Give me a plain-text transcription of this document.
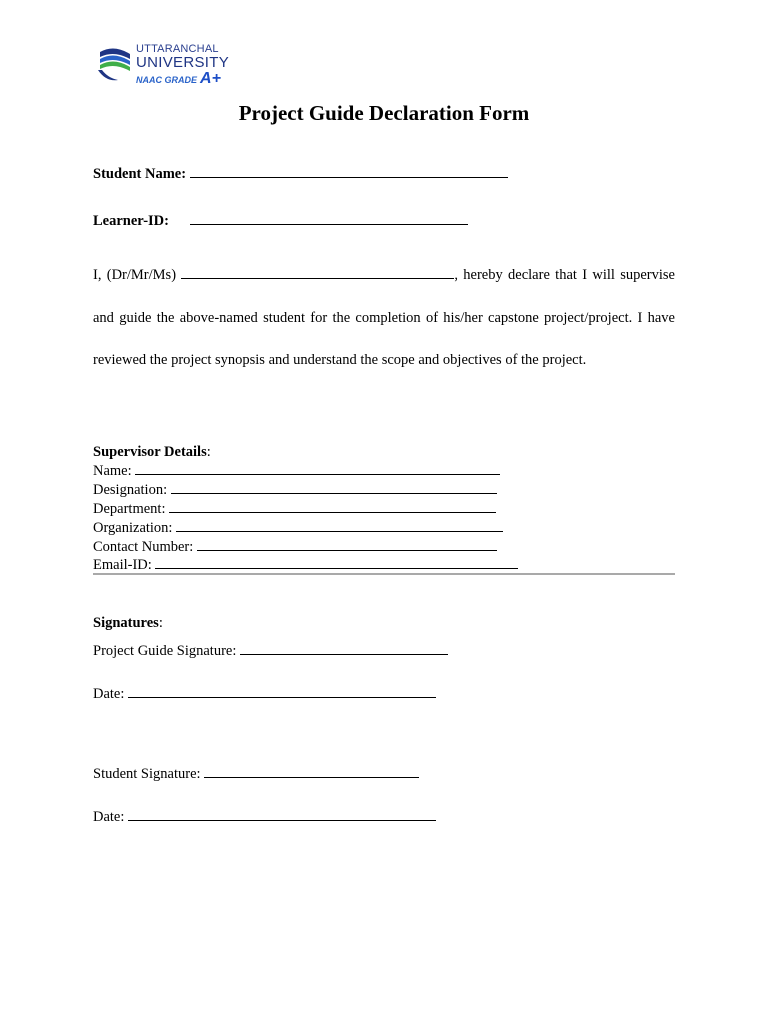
UTTARANCHAL
UNIVERSITY
NAAC GRADE A+
Project Guide Declaration Form
Student Name:
Learner-ID:
I, (Dr/Mr/Ms)	, hereby declare that I will supervise and guide the above-named student for the completion of his/her capstone project/project. I have reviewed the project synopsis and understand the scope and objectives of the project.
Supervisor Details:
Name:
Designation:
Department:
Organization:
Contact Number:
Email-ID:
Signatures:
Project Guide Signature:
Date:
Student Signature:
Date:
